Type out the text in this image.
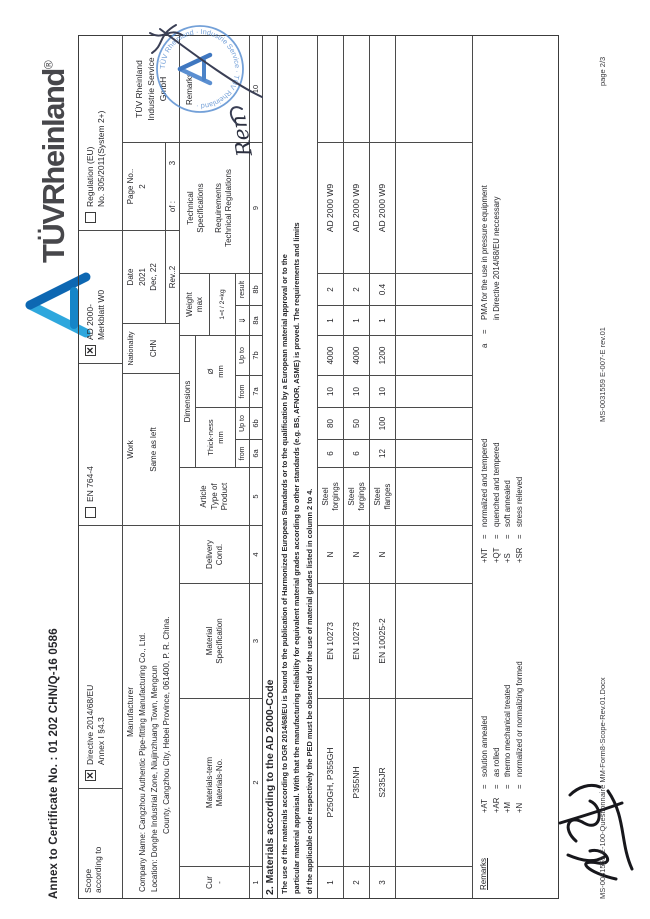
Annex to Certificate No. : 01 202 CHN/Q-16 0586
TÜVRheinland®
Scope according to
×
Directive 2014/68/EU Annex I §4.3
EN 764-4
×
AD 2000- Merkblatt W0
Regulation (EU) No. 305/2011(System 2+)
Manufacturer Company Name: Cangzhou Authentic Pipe-fitting Manufacturing Co., Ltd. Location: Donghe Industrial Zone, Niujinzhuang Town, Mengcun County, Cangzhou City, Hebei Province, 061400, P. R. China.
Work Same as left
Nationality CHN
Date 2021 Dec, 22	Rev..2
Page No.. 2
of :
3
TÜV Rheinland Industrie Service GmbH
Cur -
Materials-term Materials-No.
Material Specification
Delivery Cond.
Article Type of Product
Dimensions
Thick-ness mm
Ø mm
from
Up to
from
Up to
Weight max 1=t / 2=kg
⇓
result
Technical Specifications Requirements Technical Regulations
Remarks
1
2
3
4
5
6a
6b
7a
7b
8a
8b
9
10
2. Materials according to the AD 2000-Code The use of the materials according to DGR 2014/68/EU is bound to the publication of Harmonized European Standards or to the qualification by a European material approval or to the particular material appraisal. With that the manufacturing reliability for equivalent material grades according to other standards (e.g. BS, AFNOR, ASME) is proved. The requirements and limits of the applicable code respectively the PED must be observed for the use of material grades listed in column 2 to 4.	1
P250GH, P355GH
EN 10273
N
Steel forgings
6
80
10
4000
1
2
AD 2000 W9
2
P355NH
EN 10273
N
Steel forgings
6
50
10
4000
1
2
AD 2000 W9
3
S235JR
EN 10025-2
N
Steel flanges
12
100
10
1200
1
0.4
AD 2000 W9
Remarks
+AT=solution annealed
+AR=as rolled
+M=thermo mechanical treated
+N=normalized or normalizing formed
+NT=normalized and tempered
+QT=quenched and tempered
+S=soft annealed
+SR=stress relieved
a=PMA for the use in pressure equipment in Directive 2014/68/EU neccessary
TÜV Rheinland · Industrie Service · TÜV Rheinland ·
Ren
MS-0031559 E-100-Questionnaire MM-Form8-Scope-Rev.01.Docx
MS-0031559 E-007-E rev.01
page 2/3
